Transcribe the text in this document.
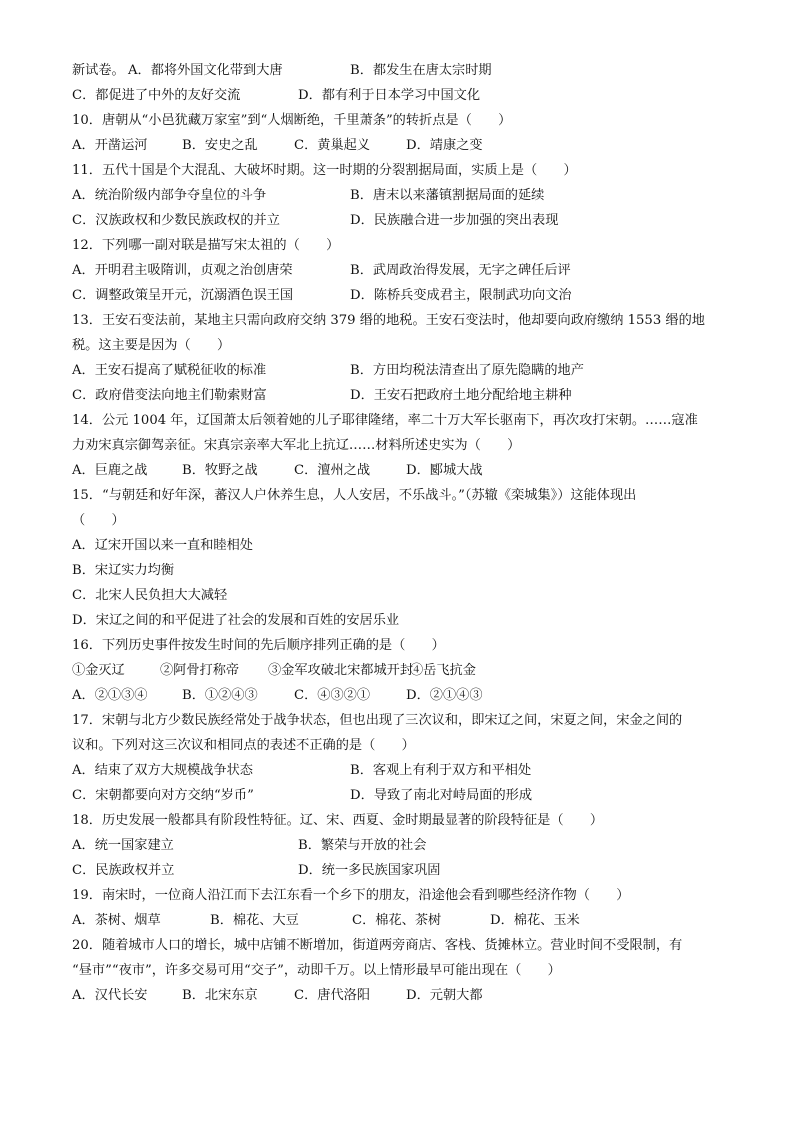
新试卷。 A．都将外国文化带到大唐	B．都发生在唐太宗时期
C．都促进了中外的友好交流	D．都有利于日本学习中国文化
10．唐朝从“小邑犹藏万家室”到“人烟断绝，千里萧条”的转折点是（　　）
A．开凿运河	B．安史之乱	C．黄巢起义	D．靖康之变
11．五代十国是个大混乱、大破坏时期。这一时期的分裂割据局面，实质上是（　　）
A．统治阶级内部争夺皇位的斗争	B．唐末以来藩镇割据局面的延续
C．汉族政权和少数民族政权的并立	D．民族融合进一步加强的突出表现
12．下列哪一副对联是描写宋太祖的（　　）
A．开明君主吸隋训，贞观之治创唐荣	B．武周政治得发展，无字之碑任后评
C．调整政策呈开元，沉溺酒色误王国	D．陈桥兵变成君主，限制武功向文治
13．王安石变法前，某地主只需向政府交纳 379 缗的地税。王安石变法时，他却要向政府缴纳 1553 缗的地
税。这主要是因为（　　）
A．王安石提高了赋税征收的标准	B．方田均税法清查出了原先隐瞒的地产
C．政府借变法向地主们勒索财富	D．王安石把政府土地分配给地主耕种
14．公元 1004 年，辽国萧太后领着她的儿子耶律隆绪，率二十万大军长驱南下，再次攻打宋朝。……寇准
力劝宋真宗御驾亲征。宋真宗亲率大军北上抗辽……材料所述史实为（　　）
A．巨鹿之战	B．牧野之战	C．澶州之战	D．郾城大战
15．“与朝廷和好年深，蕃汉人户休养生息，人人安居，不乐战斗。”（苏辙《栾城集》）这能体现出
（　　）
A．辽宋开国以来一直和睦相处
B．宋辽实力均衡
C．北宋人民负担大大减轻
D．宋辽之间的和平促进了社会的发展和百姓的安居乐业
16．下列历史事件按发生时间的先后顺序排列正确的是（　　）
①金灭辽	②阿骨打称帝 ③金军攻破北宋都城开封
④岳飞抗金
A．②①③④	B．①②④③	C．④③②①	D．②①④③
17．宋朝与北方少数民族经常处于战争状态，但也出现了三次议和，即宋辽之间，宋夏之间，宋金之间的
议和。下列对这三次议和相同点的表述不正确的是（　　）
A．结束了双方大规模战争状态	B．客观上有利于双方和平相处
C．宋朝都要向对方交纳“岁币”	D．导致了南北对峙局面的形成
18．历史发展一般都具有阶段性特征。辽、宋、西夏、金时期最显著的阶段特征是（　　）
A．统一国家建立	B．繁荣与开放的社会
C．民族政权并立	D．统一多民族国家巩固
19．南宋时，一位商人沿江而下去江东看一个乡下的朋友，沿途他会看到哪些经济作物（　　）
A．茶树、烟草	B．棉花、大豆	C．棉花、茶树	D．棉花、玉米
20．随着城市人口的增长，城中店铺不断增加，街道两旁商店、客栈、货摊林立。营业时间不受限制，有
“昼市”“夜市”，许多交易可用“交子”，动即千万。以上情形最早可能出现在（　　）
A．汉代长安	B．北宋东京	C．唐代洛阳	D．元朝大都
